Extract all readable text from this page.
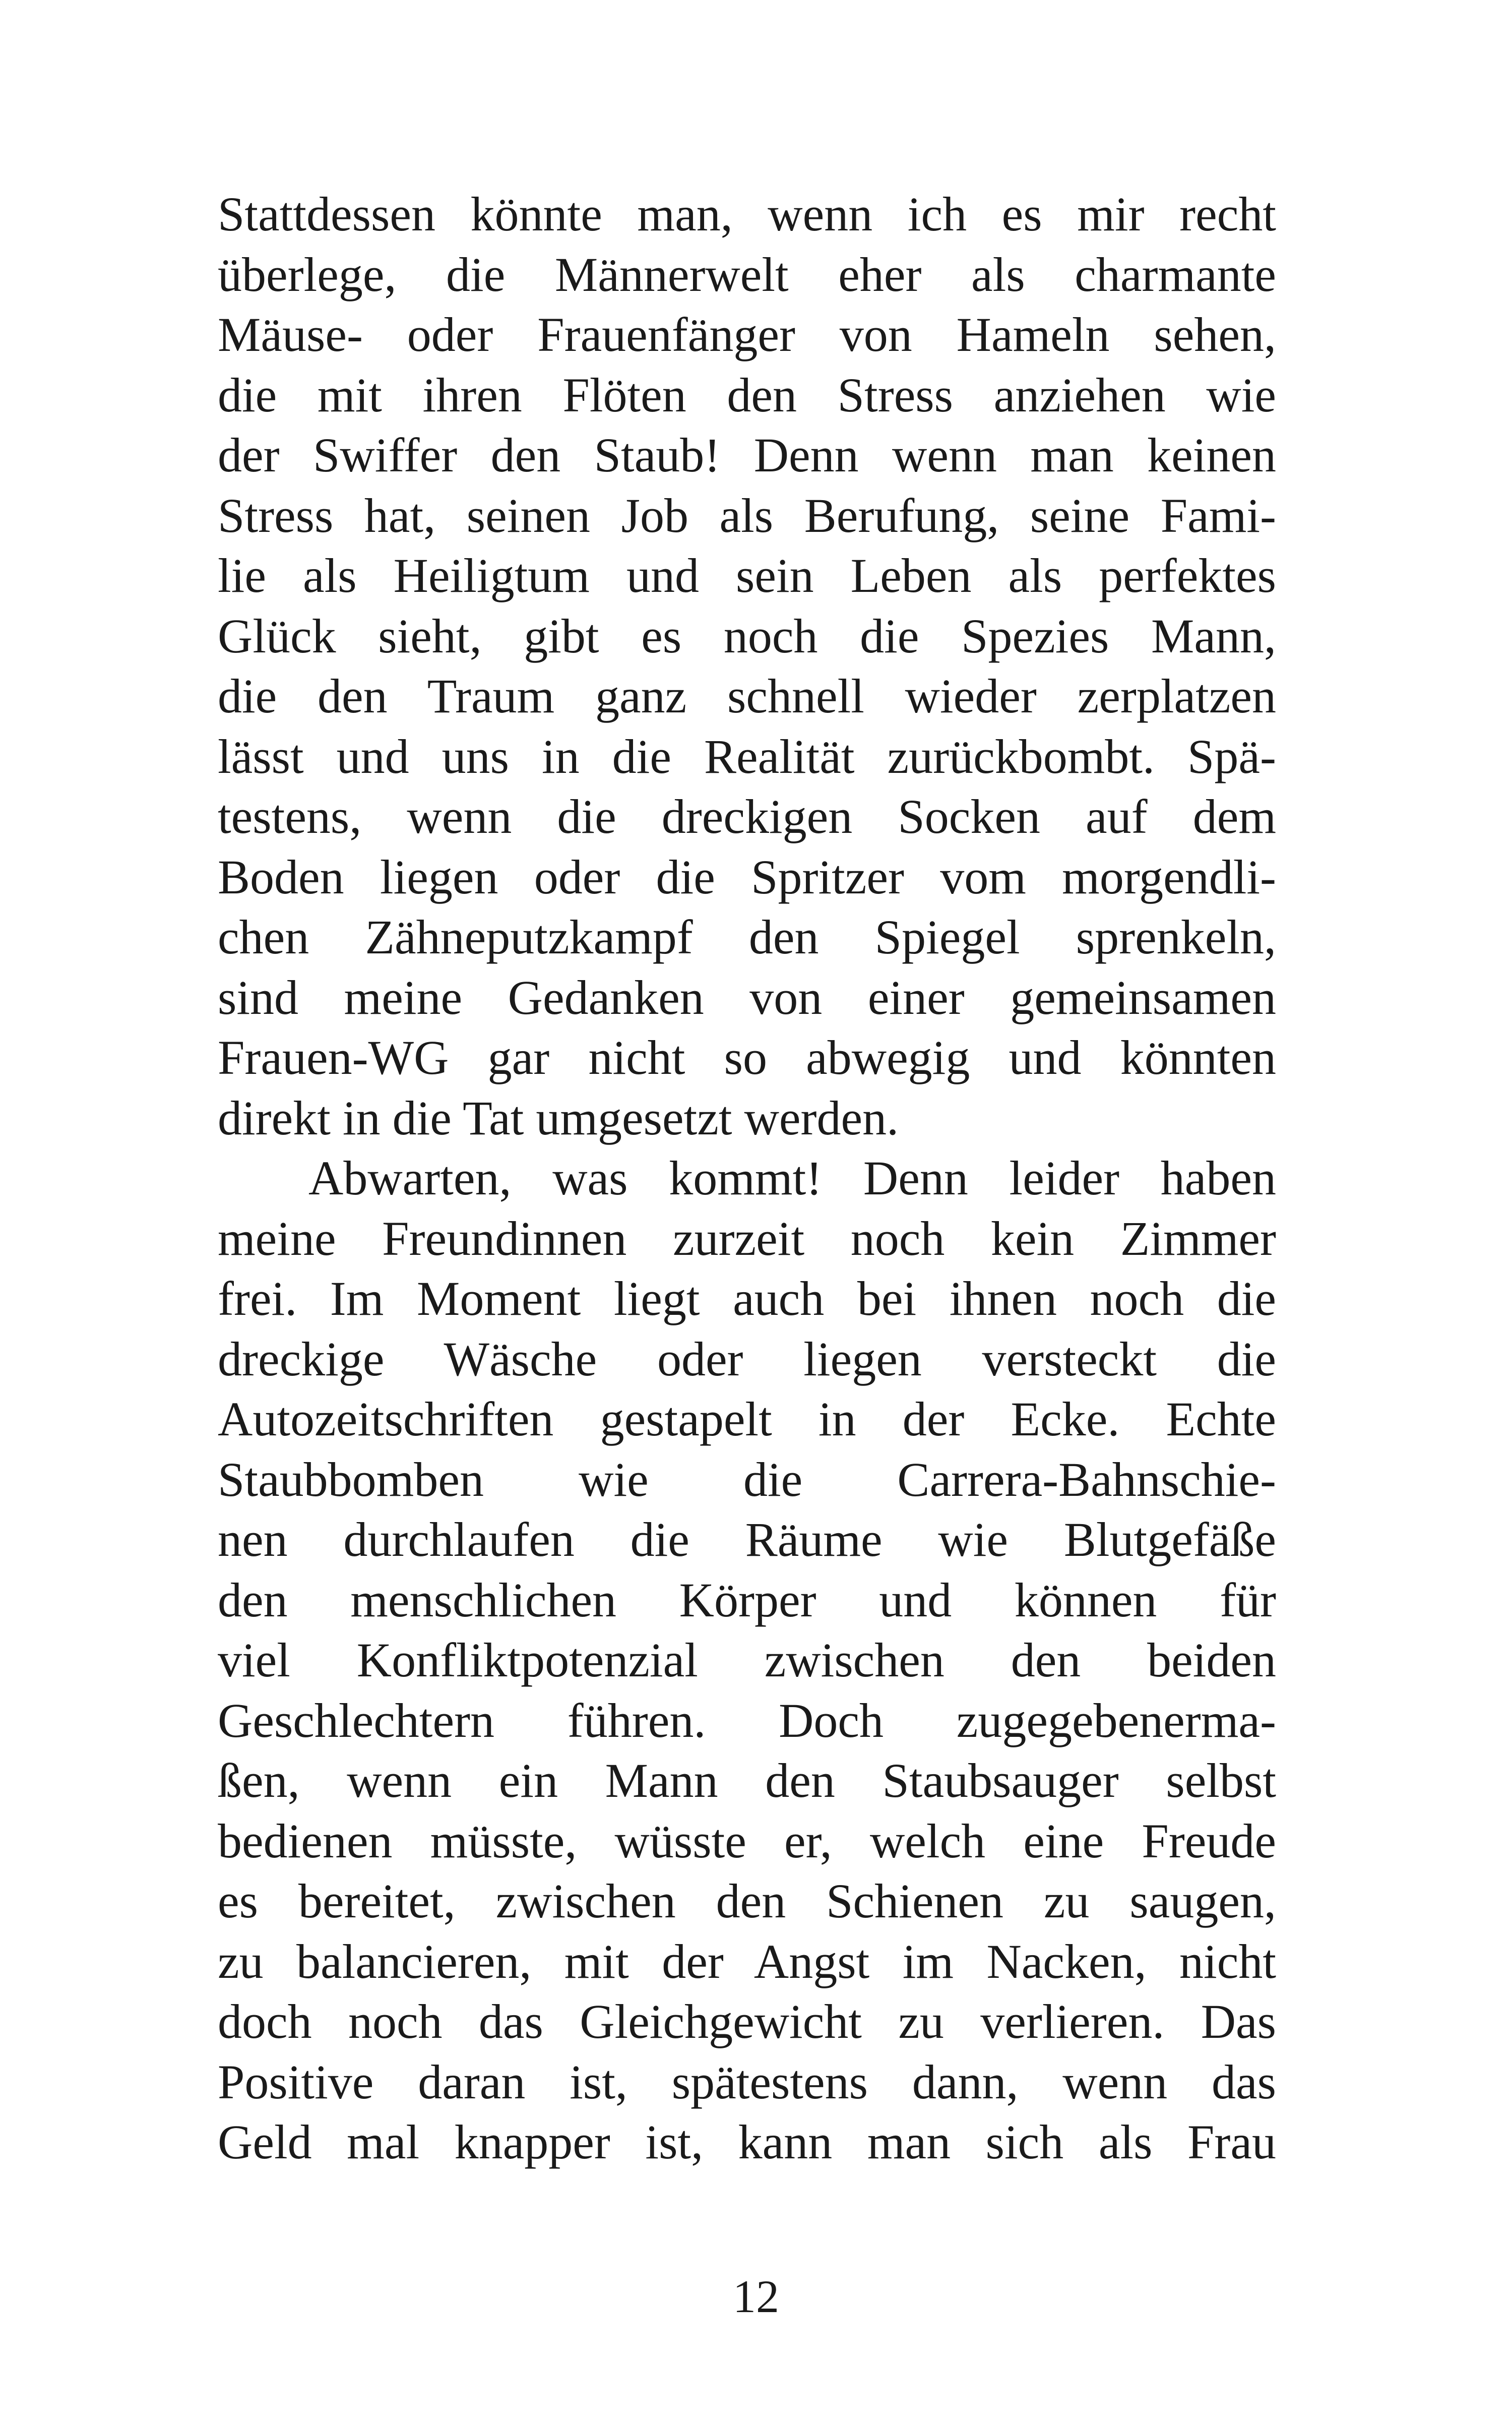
Stattdessen könnte man, wenn ich es mir recht
überlege, die Männerwelt eher als charmante
Mäuse- oder Frauenfänger von Hameln sehen,
die mit ihren Flöten den Stress anziehen wie
der Swiffer den Staub! Denn wenn man keinen
Stress hat, seinen Job als Berufung, seine Fami-
lie als Heiligtum und sein Leben als perfektes
Glück sieht, gibt es noch die Spezies Mann,
die den Traum ganz schnell wieder zerplatzen
lässt und uns in die Realität zurückbombt. Spä-
testens, wenn die dreckigen Socken auf dem
Boden liegen oder die Spritzer vom morgendli-
chen Zähneputzkampf den Spiegel sprenkeln,
sind meine Gedanken von einer gemeinsamen
Frauen-WG gar nicht so abwegig und könnten
direkt in die Tat umgesetzt werden.
Abwarten, was kommt! Denn leider haben
meine Freundinnen zurzeit noch kein Zimmer
frei. Im Moment liegt auch bei ihnen noch die
dreckige Wäsche oder liegen versteckt die
Autozeitschriften gestapelt in der Ecke. Echte
Staubbomben wie die Carrera-Bahnschie-
nen durchlaufen die Räume wie Blutgefäße
den menschlichen Körper und können für
viel Konfliktpotenzial zwischen den beiden
Geschlechtern führen. Doch zugegebenerma-
ßen, wenn ein Mann den Staubsauger selbst
bedienen müsste, wüsste er, welch eine Freude
es bereitet, zwischen den Schienen zu saugen,
zu balancieren, mit der Angst im Nacken, nicht
doch noch das Gleichgewicht zu verlieren. Das
Positive daran ist, spätestens dann, wenn das
Geld mal knapper ist, kann man sich als Frau
12
